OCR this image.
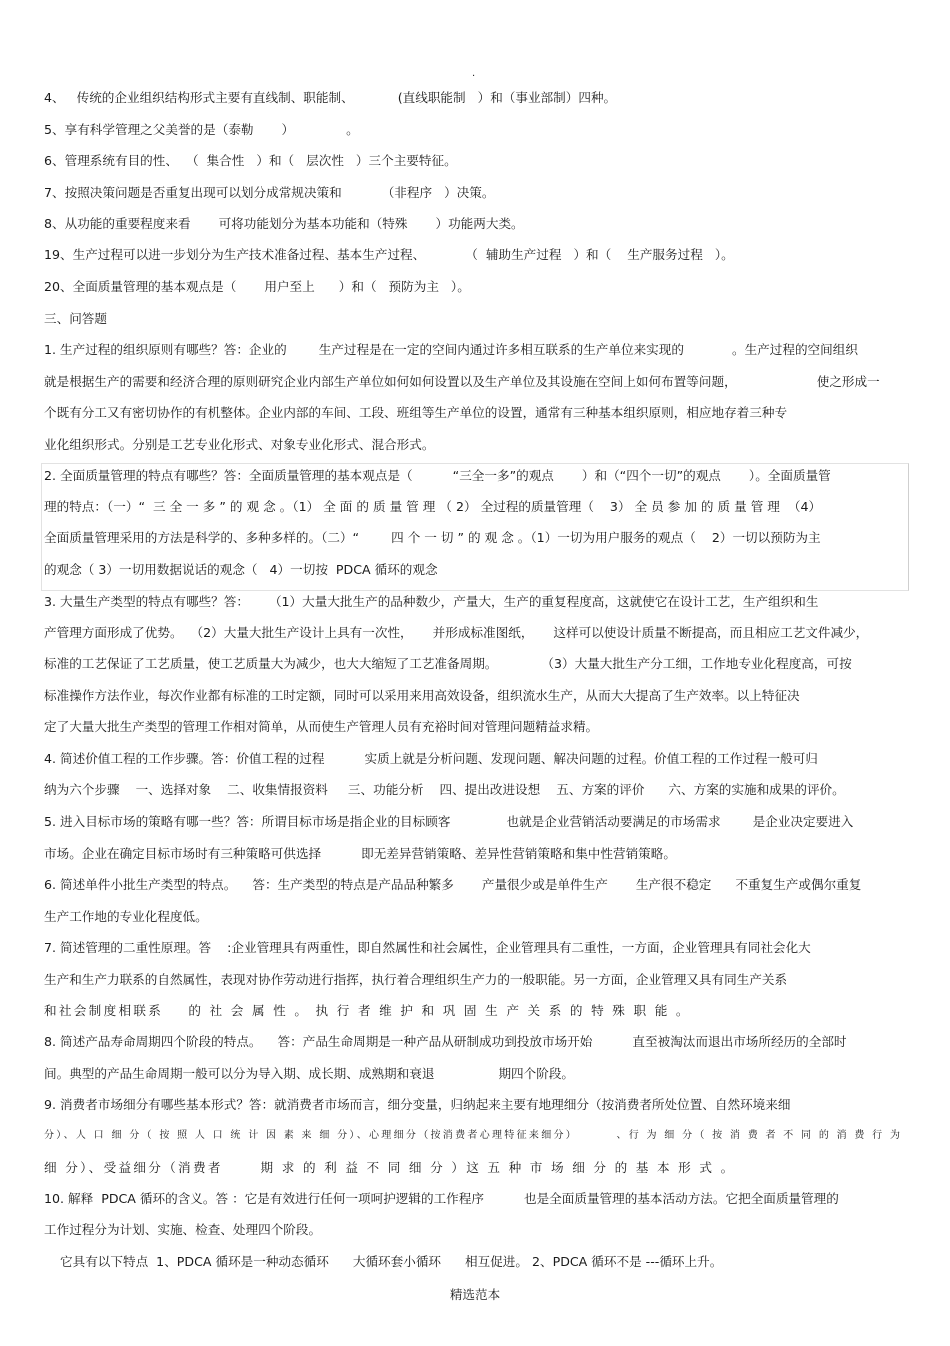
.
4、   传统的企业组织结构形式主要有直线制、职能制、           (直线职能制   ）和（事业部制）四种。
5、享有科学管理之父美誉的是（泰勒       ）             。
6、管理系统有目的性、  （  集合性   ）和（   层次性   ）三个主要特征。
7、按照决策问题是否重复出现可以划分成常规决策和          （非程序   ）决策。
8、从功能的重要程度来看       可将功能划分为基本功能和（特殊       ）功能两大类。
19、生产过程可以进一步划分为生产技术准备过程、基本生产过程、          （  辅助生产过程   ）和（    生产服务过程   ）。
20、全面质量管理的基本观点是（       用户至上      ）和（   预防为主   ）。
三、问答题
1. 生产过程的组织原则有哪些？答：企业的        生产过程是在一定的空间内通过许多相互联系的生产单位来实现的            。生产过程的空间组织
就是根据生产的需要和经济合理的原则研究企业内部生产单位如何如何设置以及生产单位及其设施在空间上如何布置等问题，                    使之形成一
个既有分工又有密切协作的有机整体。企业内部的车间、工段、班组等生产单位的设置，通常有三种基本组织原则，相应地存着三种专
业化组织形式。分别是工艺专业化形式、对象专业化形式、混合形式。
2. 全面质量管理的特点有哪些？答：全面质量管理的基本观点是（          “三全一多”的观点       ）和（“四个一切”的观点       ）。全面质量管
理的特点：（一）“  三 全 一 多 ” 的 观 念 。（1） 全 面 的 质 量 管 理 （ 2） 全过程的质量管理（    3） 全 员 参 加 的 质 量 管 理  （4）
全面质量管理采用的方法是科学的、多种多样的。（二）“        四 个 一 切 ” 的 观 念 。（1）一切为用户服务的观点（    2）一切以预防为主
的观念（ 3）一切用数据说话的观念（   4）一切按  PDCA 循环的观念
3. 大量生产类型的特点有哪些？答：     （1）大量大批生产的品种数少，产量大，生产的重复程度高，这就使它在设计工艺，生产组织和生
产管理方面形成了优势。  （2）大量大批生产设计上具有一次性，     并形成标准图纸，     这样可以使设计质量不断提高，而且相应工艺文件减少，
标准的工艺保证了工艺质量，使工艺质量大为减少，也大大缩短了工艺准备周期。           （3）大量大批生产分工细，工作地专业化程度高，可按
标准操作方法作业，每次作业都有标准的工时定额，同时可以采用来用高效设备，组织流水生产，从而大大提高了生产效率。以上特征决
定了大量大批生产类型的管理工作相对简单，从而使生产管理人员有充裕时间对管理问题精益求精。
4. 简述价值工程的工作步骤。答：价值工程的过程          实质上就是分析问题、发现问题、解决问题的过程。价值工程的工作过程一般可归
纳为六个步骤    一、选择对象    二、收集情报资料     三、功能分析    四、提出改进设想    五、方案的评价      六、方案的实施和成果的评价。
5. 进入目标市场的策略有哪一些？答：所谓目标市场是指企业的目标顾客              也就是企业营销活动要满足的市场需求        是企业决定要进入
市场。企业在确定目标市场时有三种策略可供选择          即无差异营销策略、差异性营销策略和集中性营销策略。
6. 简述单件小批生产类型的特点。    答：生产类型的特点是产品品种繁多       产量很少或是单件生产       生产很不稳定      不重复生产或偶尔重复
生产工作地的专业化程度低。
7. 简述管理的二重性原理。答    :企业管理具有两重性，即自然属性和社会属性，企业管理具有二重性，一方面，企业管理具有同社会化大
生产和生产力联系的自然属性，表现对协作劳动进行指挥，执行着合理组织生产力的一般职能。另一方面，企业管理又具有同生产关系
和社会制度相联系    的 社 会 属 性 。 执 行 者 维 护 和 巩 固 生 产 关 系 的 特 殊 职 能 。
8. 简述产品寿命周期四个阶段的特点。    答：产品生命周期是一种产品从研制成功到投放市场开始          直至被淘汰而退出市场所经历的全部时
间。典型的产品生命周期一般可以分为导入期、成长期、成熟期和衰退                期四个阶段。
9. 消费者市场细分有哪些基本形式？答：就消费者市场而言，细分变量，归纳起来主要有地理细分（按消费者所处位置、自然环境来细
分）、人 口 细 分（ 按 照 人 口 统 计 因 素 来 细 分）、心理细分（按消费者心理特征来细分）       、行 为 细 分（ 按 消 费 者 不 同 的 消 费 行 为
细 分）、受益细分（消费者      期 求 的 利 益 不 同 细 分 ）这 五 种 市 场 细 分 的 基 本 形 式 。
10. 解释  PDCA 循环的含义。答 ：它是有效进行任何一项呵护逻辑的工作程序          也是全面质量管理的基本活动方法。它把全面质量管理的
工作过程分为计划、实施、检查、处理四个阶段。
它具有以下特点  1、PDCA 循环是一种动态循环      大循环套小循环      相互促进。 2、PDCA 循环不是 ---循环上升。
精选范本
